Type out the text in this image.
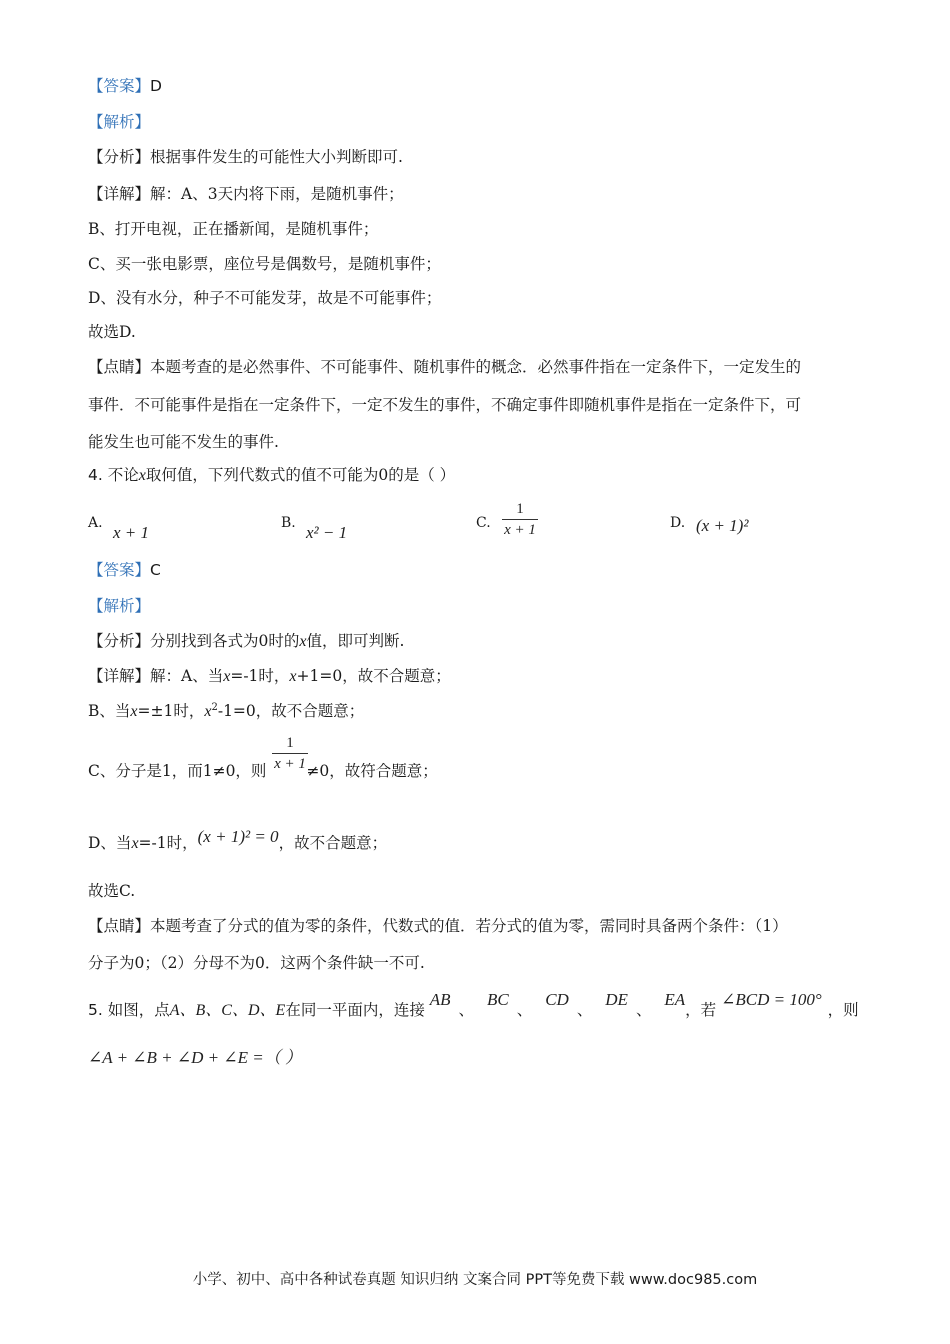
【答案】D
【解析】
【分析】根据事件发生的可能性大小判断即可.
【详解】解：A、3天内将下雨，是随机事件；
B、打开电视，正在播新闻，是随机事件；
C、买一张电影票，座位号是偶数号，是随机事件；
D、没有水分，种子不可能发芽，故是不可能事件；
故选D.
【点睛】本题考查的是必然事件、不可能事件、随机事件的概念．必然事件指在一定条件下，一定发生的
事件．不可能事件是指在一定条件下，一定不发生的事件，不确定事件即随机事件是指在一定条件下，可
能发生也可能不发生的事件.
4. 不论x取何值，下列代数式的值不可能为0的是（ ）
A. x + 1	B. x² − 1	C.
1
x + 1	D. (x + 1)²
【答案】C
【解析】
【分析】分别找到各式为0时的x值，即可判断.
【详解】解：A、当x=-1时，x+1=0，故不合题意；
B、当x=±1时，$x^2-1=0$，故不合题意；
C、分子是1，而1≠0，则	≠0，故符合题意；
1
x + 1
D、当x=-1时，(x + 1)² = 0，故不合题意；
故选C.
【点睛】本题考查了分式的值为零的条件，代数式的值．若分式的值为零，需同时具备两个条件：（1）
分子为0；（2）分母不为0．这两个条件缺一不可.
5. 如图，点A、B、C、D、E在同一平面内，连接 AB、 BC、 CD、 DE、 EA，若 ∠BCD = 100°，则
∠A + ∠B + ∠D + ∠E =（ ）
小学、初中、高中各种试卷真题 知识归纳 文案合同 PPT等免费下载 www.doc985.com
